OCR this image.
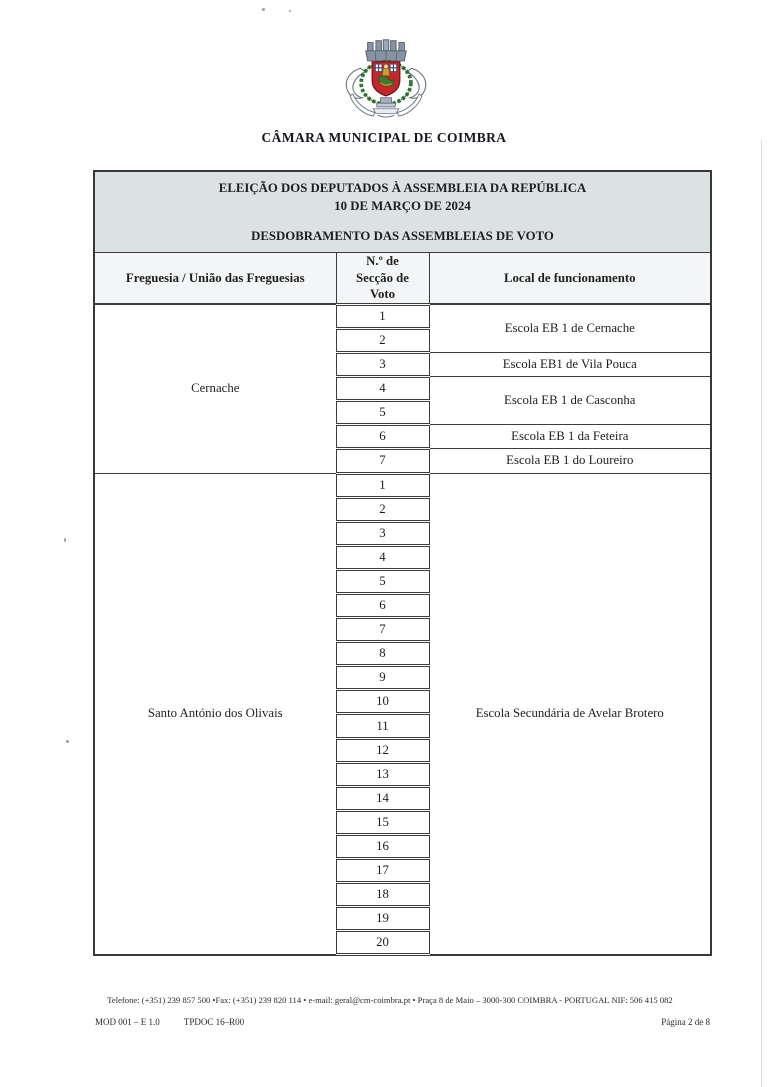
CÂMARA MUNICIPAL DE COIMBRA
ELEIÇÃO DOS DEPUTADOS À ASSEMBLEIA DA REPÚBLICA
10 DE MARÇO DE 2024
DESDOBRAMENTO DAS ASSEMBLEIAS DE VOTO		

Freguesia / União das Freguesias	N.º de Secção de Voto	Local de funcionamento
Cernache	1	Escola EB 1 de Cernache
	2	
	3	Escola EB1 de Vila Pouca
	4	Escola EB 1 de Casconha
	5	
	6	Escola EB 1 da Feteira
	7	Escola EB 1 do Loureiro
Santo António dos Olivais	1	Escola Secundária de Avelar Brotero
	2	
	3	
	4	
	5	
	6	
	7	
	8	
	9	
	10	
	11	
	12	
	13	
	14	
	15	
	16	
	17	
	18	
	19	
	20	
Telefone: (+351) 239 857 500 •Fax: (+351) 239 820 114 • e-mail: geral@cm-coimbra.pt • Praça 8 de Maio – 3000-300 COIMBRA - PORTUGAL NIF: 506 415 082
MOD 001 – E 1.0	TPDOC 16–R00	Página 2 de 8
